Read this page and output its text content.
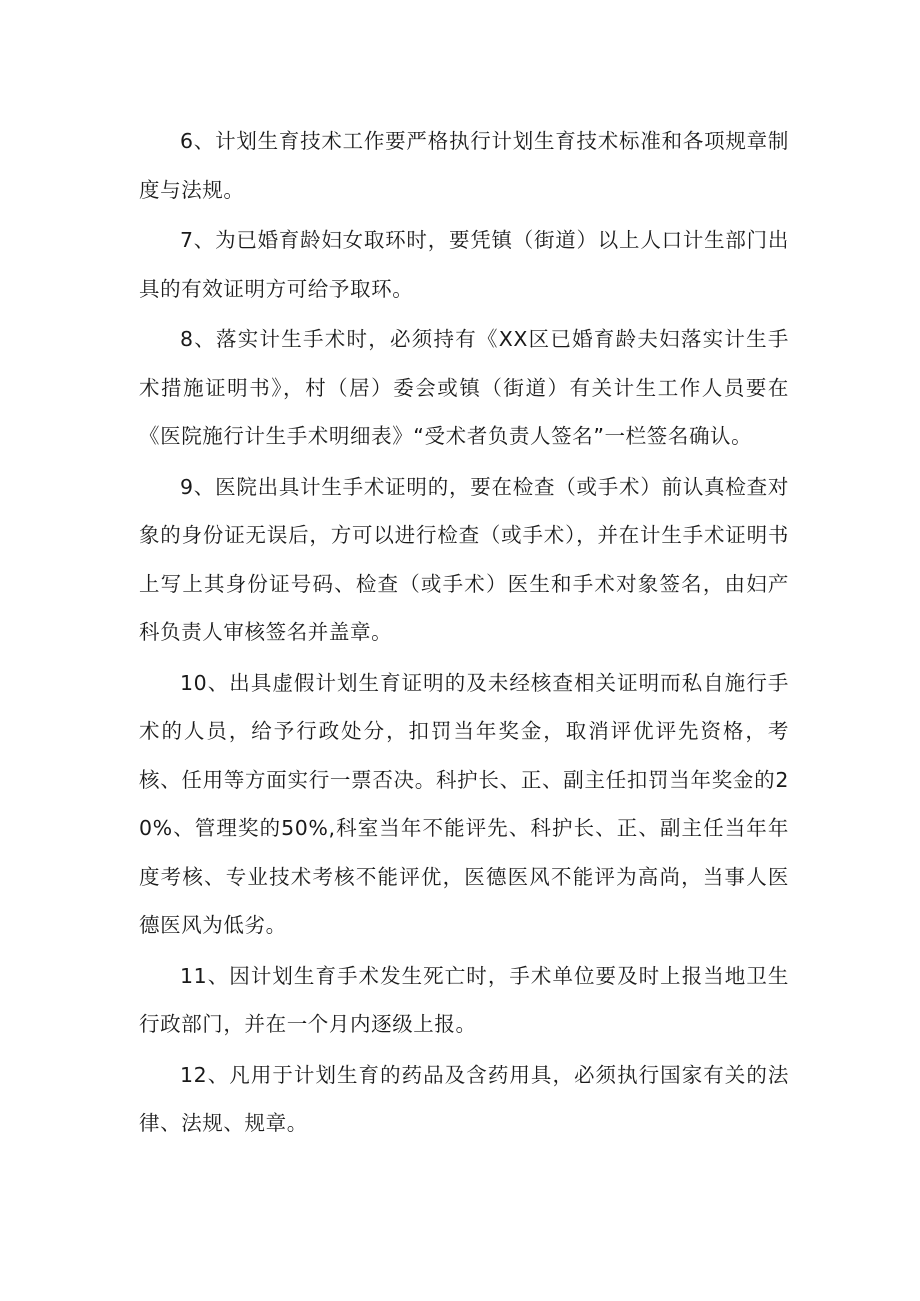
6、计划生育技术工作要严格执行计划生育技术标准和各项规章制度与法规。

7、为已婚育龄妇女取环时，要凭镇（街道）以上人口计生部门出具的有效证明方可给予取环。

8、落实计生手术时，必须持有《XX区已婚育龄夫妇落实计生手术措施证明书》，村（居）委会或镇（街道）有关计生工作人员要在《医院施行计生手术明细表》“受术者负责人签名”一栏签名确认。

9、医院出具计生手术证明的，要在检查（或手术）前认真检查对象的身份证无误后，方可以进行检查（或手术），并在计生手术证明书上写上其身份证号码、检查（或手术）医生和手术对象签名，由妇产科负责人审核签名并盖章。

10、出具虚假计划生育证明的及未经核查相关证明而私自施行手术的人员，给予行政处分，扣罚当年奖金，取消评优评先资格，考核、任用等方面实行一票否决。科护长、正、副主任扣罚当年奖金的20%、管理奖的50%,科室当年不能评先、科护长、正、副主任当年年度考核、专业技术考核不能评优，医德医风不能评为高尚，当事人医德医风为低劣。

11、因计划生育手术发生死亡时，手术单位要及时上报当地卫生行政部门，并在一个月内逐级上报。

12、凡用于计划生育的药品及含药用具，必须执行国家有关的法律、法规、规章。
